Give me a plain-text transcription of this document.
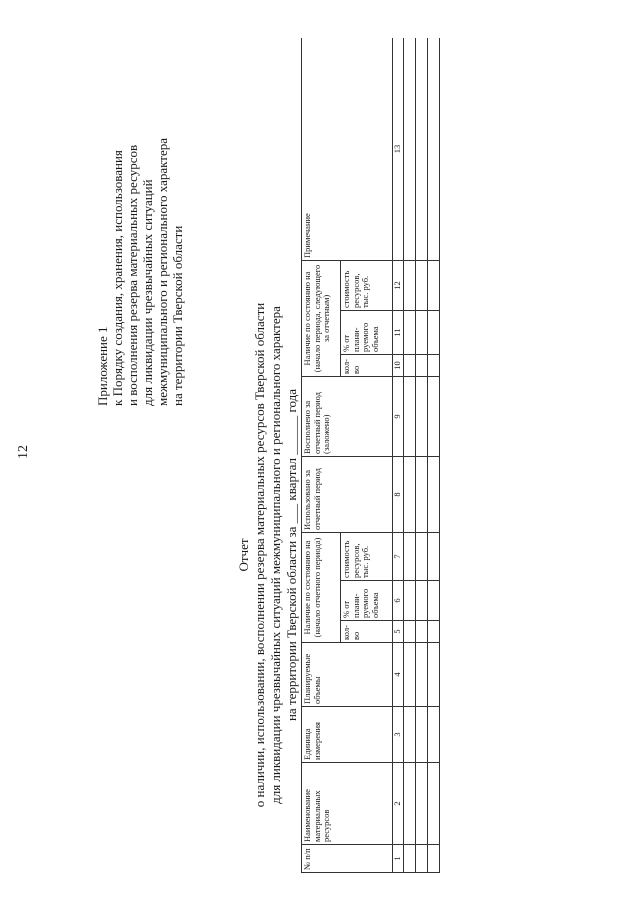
12
Приложение 1 к Порядку создания, хранения, использования и восполнения резерва материальных ресурсов для ликвидации чрезвычайных ситуаций межмуниципального и регионального характера на территории Тверской области
Отчет о наличии, использовании, восполнении резерва материальных ресурсов Тверской области для ликвидации чрезвычайных ситуаций межмуниципального и регионального характера на территории Тверской области за ___ квартал ______ года
№ п/п	Наименование материальных ресурсов	Единица измерения	Планируемые объемы	Наличие по состоянию на (начало отчетного периода)			Использовано за отчетный период	Восполнено за отчетный период (заложено)	Наличие по состоянию на (начало периода, следующего за отчетным)			Примечание
				кол-во	% от плани-руемого объема	стоимость ресурсов, тыс. руб.			кол-во	% от плани-руемого объема	стоимость ресурсов, тыс. руб.	
1	2	3	4	5	6	7	8	9	10	11	12	13
